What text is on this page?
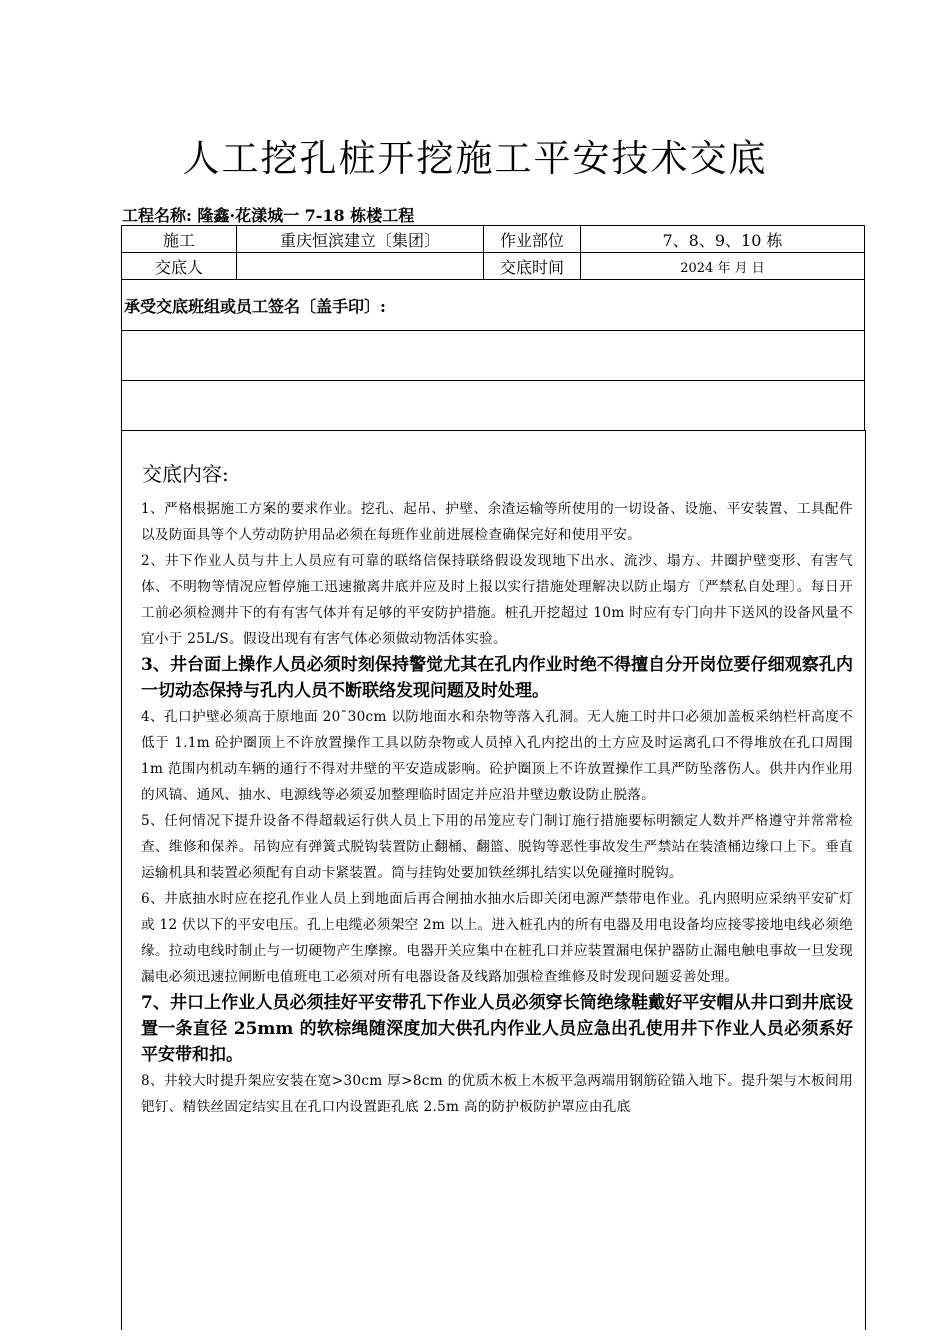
人工挖孔桩开挖施工平安技术交底
工程名称: 隆鑫·花漾城一 7-18 栋楼工程
施工	重庆恒滨建立〔集团〕	作业部位	7、8、9、10 栋
交底人		交底时间	2024 年 月 日
承受交底班组或员工签名〔盖手印〕:			

交底内容:

1、严格根据施工方案的要求作业。挖孔、起吊、护壁、余渣运输等所使用的一切设备、设施、平安装置、工具配件以及防面具等个人劳动防护用品必须在每班作业前进展检查确保完好和使用平安。

2、井下作业人员与井上人员应有可靠的联络信保持联络假设发现地下出水、流沙、塌方、井圈护壁变形、有害气体、不明物等情况应暂停施工迅速撤离井底并应及时上报以实行措施处理解决以防止塌方〔严禁私自处理〕。每日开工前必须检测井下的有有害气体并有足够的平安防护措施。桩孔开挖超过 10m 时应有专门向井下送风的设备风量不宜小于 25L/S。假设出现有有害气体必须做动物活体实验。

3、井台面上操作人员必须时刻保持警觉尤其在孔内作业时绝不得擅自分开岗位要仔细观察孔内一切动态保持与孔内人员不断联络发现问题及时处理。

4、孔口护壁必须高于原地面 20¯30cm 以防地面水和杂物等落入孔洞。无人施工时井口必须加盖板采纳栏杆高度不低于 1.1m 砼护圈顶上不许放置操作工具以防杂物或人员掉入孔内挖出的土方应及时运离孔口不得堆放在孔口周围 1m 范围内机动车辆的通行不得对井壁的平安造成影响。砼护圈顶上不许放置操作工具严防坠落伤人。供井内作业用的风镐、通风、抽水、电源线等必须妥加整理临时固定并应沿井壁边敷设防止脱落。

5、任何情况下提升设备不得超载运行供人员上下用的吊笼应专门制订施行措施要标明额定人数并严格遵守并常常检查、维修和保养。吊钩应有弹簧式脱钩装置防止翻桶、翻篮、脱钩等恶性事故发生严禁站在装渣桶边缘口上下。垂直运输机具和装置必须配有自动卡紧装置。筒与挂钩处要加铁丝绑扎结实以免碰撞时脱钩。

6、井底抽水时应在挖孔作业人员上到地面后再合闸抽水抽水后即关闭电源严禁带电作业。孔内照明应采纳平安矿灯或 12 伏以下的平安电压。孔上电缆必须架空 2m 以上。进入桩孔内的所有电器及用电设备均应接零接地电线必须绝缘。拉动电线时制止与一切硬物产生摩擦。电器开关应集中在桩孔口并应装置漏电保护器防止漏电触电事故一旦发现漏电必须迅速拉闸断电值班电工必须对所有电器设备及线路加强检查维修及时发现问题妥善处理。

7、井口上作业人员必须挂好平安带孔下作业人员必须穿长筒绝缘鞋戴好平安帽从井口到井底设置一条直径 25mm 的软棕绳随深度加大供孔内作业人员应急出孔使用井下作业人员必须系好平安带和扣。

8、井较大时提升架应安装在宽>30cm 厚>8cm 的优质木板上木板平急两端用钢筋砼锚入地下。提升架与木板间用钯钉、精铁丝固定结实且在孔口内设置距孔底 2.5m 高的防护板防护罩应由孔底
